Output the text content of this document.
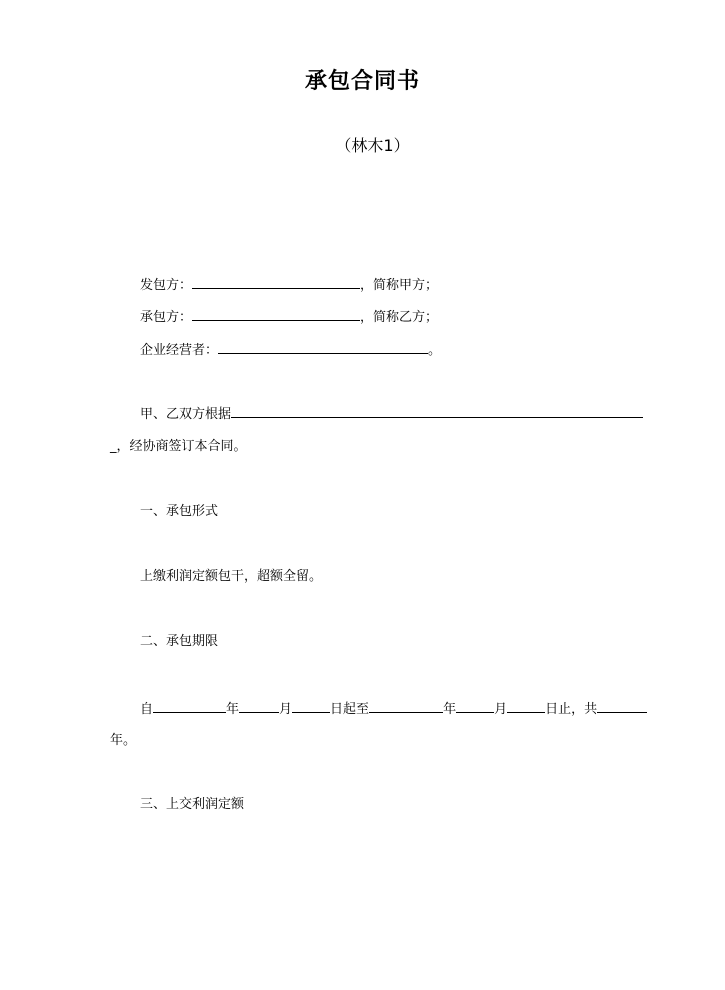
承包合同书
（林木1）
发包方：	，简称甲方；
承包方：	，简称乙方；
企业经营者：	。
甲、乙双方根据
_，经协商签订本合同。
一、承包形式
上缴利润定额包干，超额全留。
二、承包期限
自	年	月	日起至	年	月	日止，共
年。
三、上交利润定额
